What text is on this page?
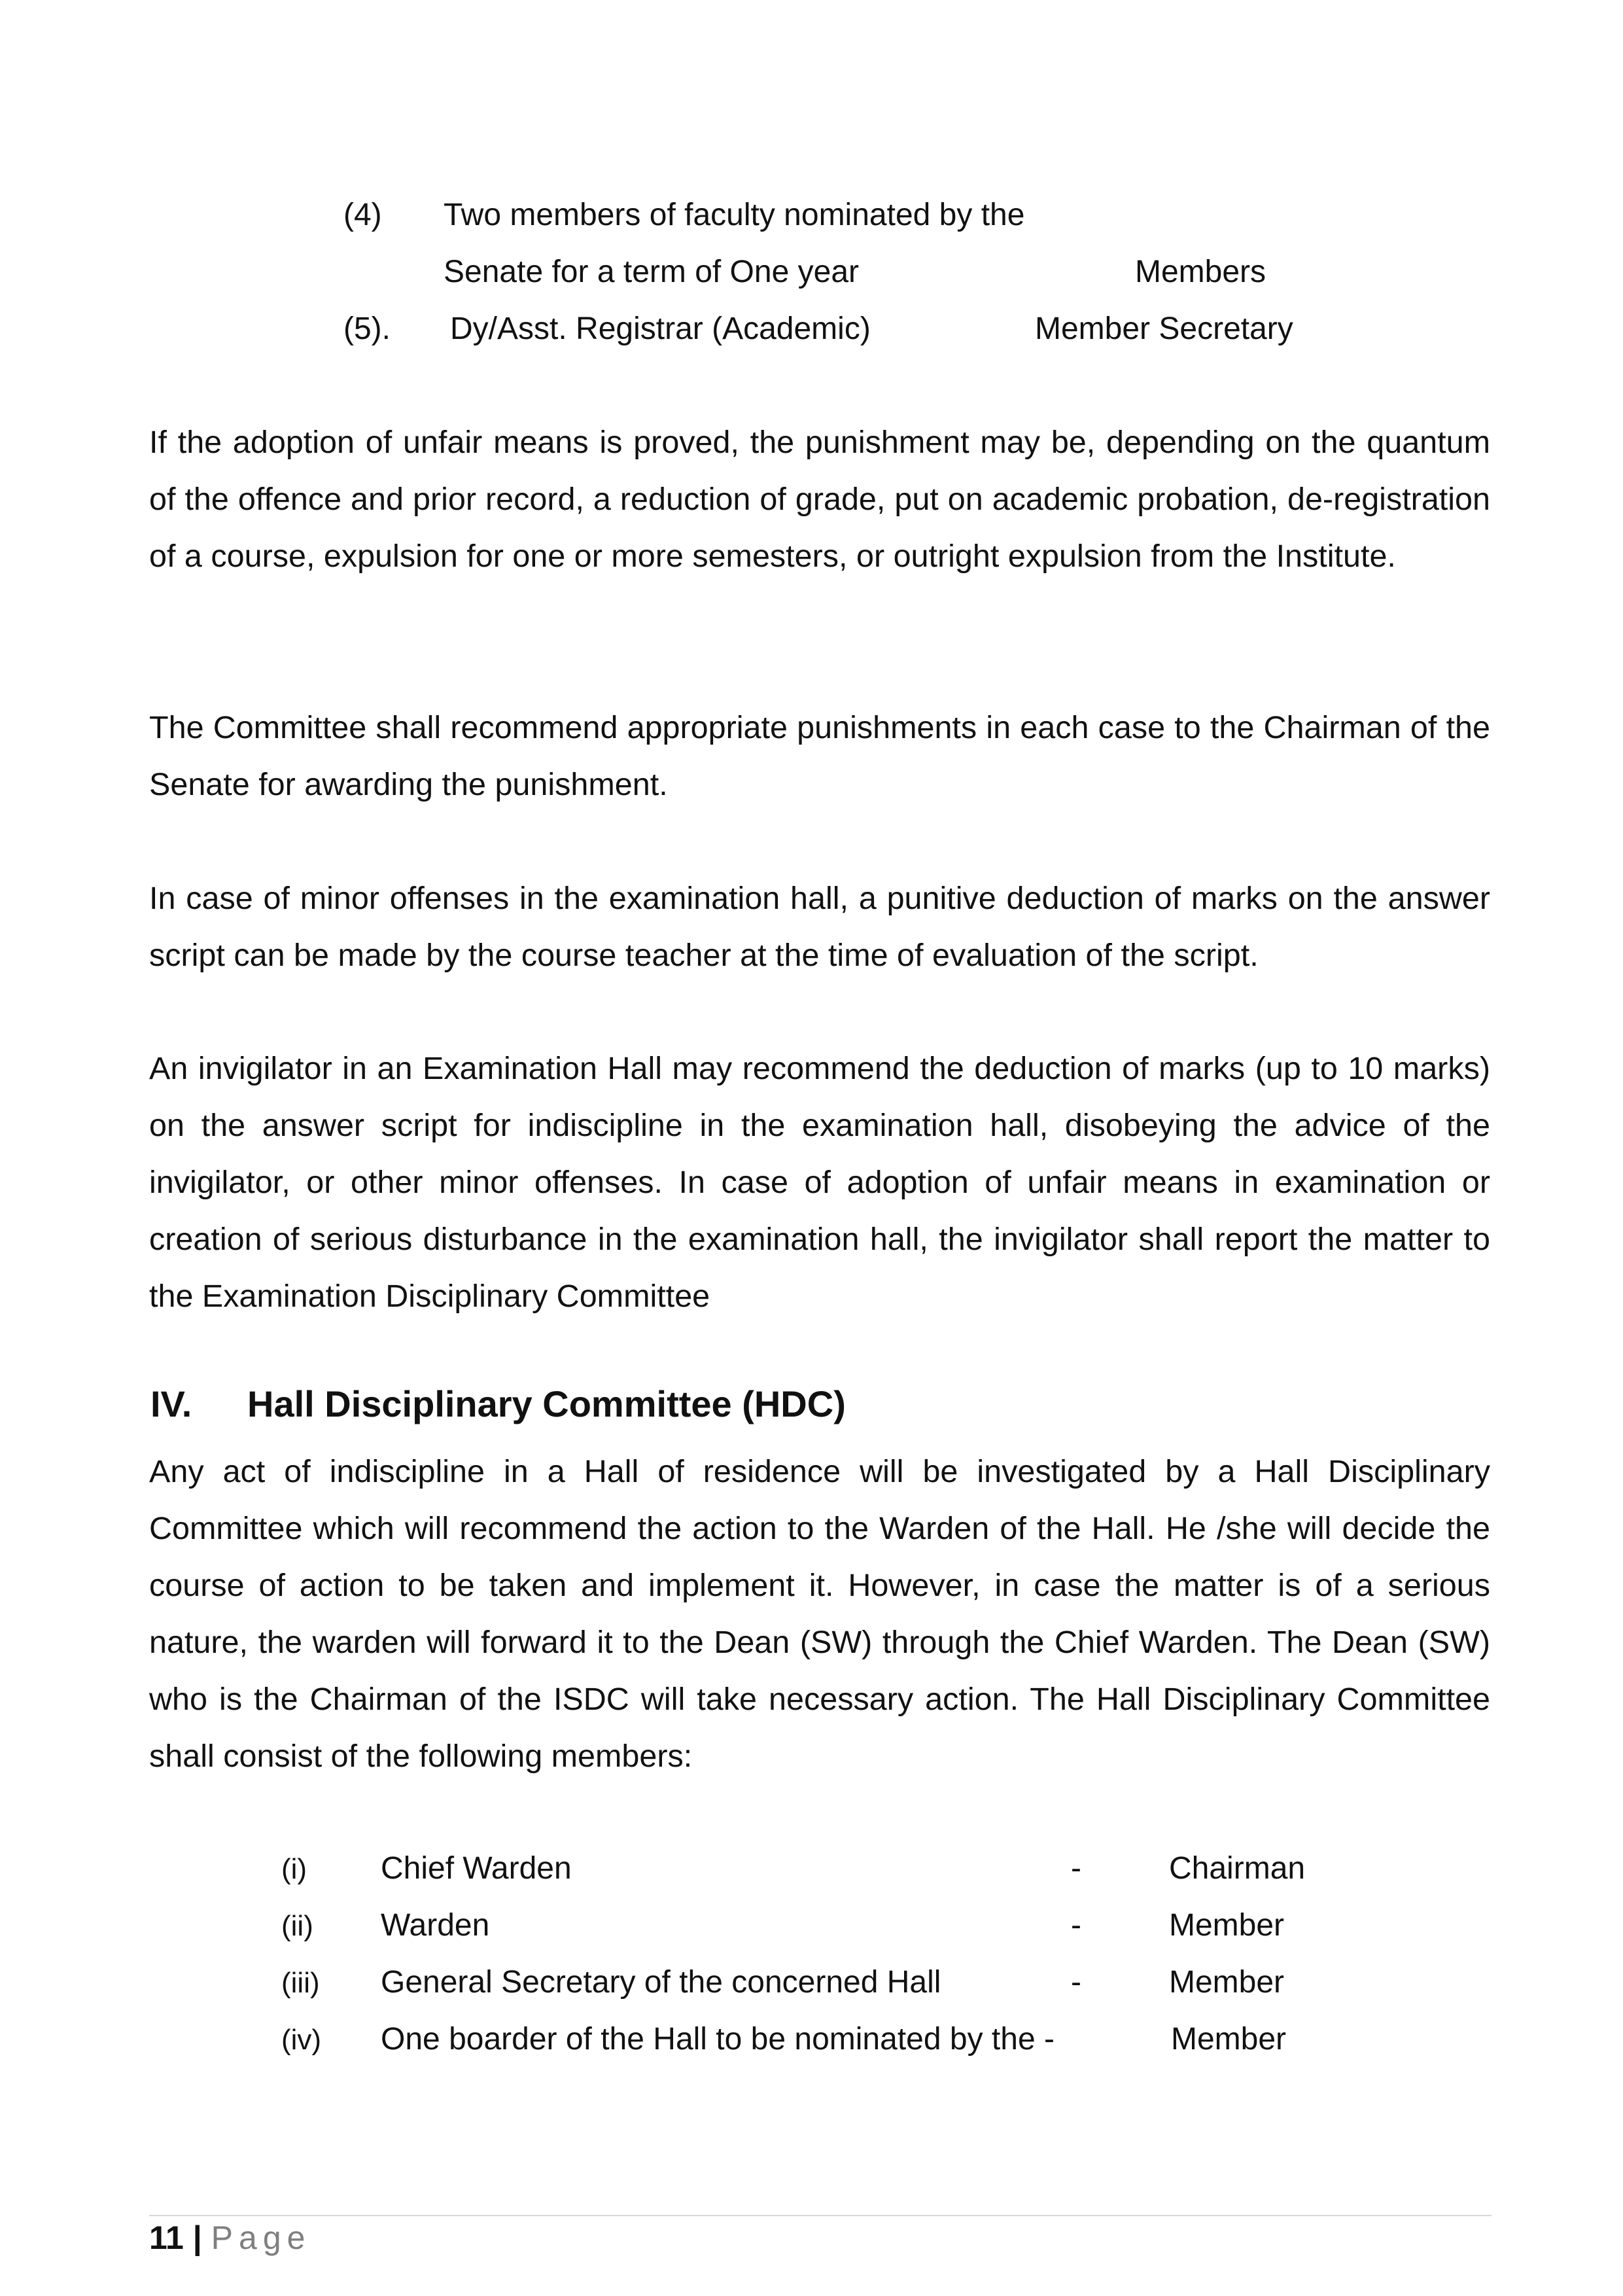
(4) Two members of faculty nominated by the
Senate for a term of One year	Members
(5). Dy/Asst. Registrar (Academic)	Member Secretary

If the adoption of unfair means is proved, the punishment may be, depending on the quantum of the offence and prior record, a reduction of grade, put on academic probation, de-registration of a course, expulsion for one or more semesters, or outright expulsion from the Institute.

The Committee shall recommend appropriate punishments in each case to the Chairman of the Senate for awarding the punishment.

In case of minor offenses in the examination hall, a punitive deduction of marks on the answer script can be made by the course teacher at the time of evaluation of the script.

An invigilator in an Examination Hall may recommend the deduction of marks (up to 10 marks) on the answer script for indiscipline in the examination hall, disobeying the advice of the invigilator, or other minor offenses. In case of adoption of unfair means in examination or creation of serious disturbance in the examination hall, the invigilator shall report the matter to the Examination Disciplinary Committee

IV. Hall Disciplinary Committee (HDC)

Any act of indiscipline in a Hall of residence will be investigated by a Hall Disciplinary Committee which will recommend the action to the Warden of the Hall. He /she will decide the course of action to be taken and implement it. However, in case the matter is of a serious nature, the warden will forward it to the Dean (SW) through the Chief Warden. The Dean (SW) who is the Chairman of the ISDC will take necessary action. The Hall Disciplinary Committee shall consist of the following members:

(i) Chief Warden	-	Chairman
(ii) Warden	-	Member
(iii) General Secretary of the concerned Hall	-	Member
(iv) One boarder of the Hall to be nominated by the -	Member
11 | Page
